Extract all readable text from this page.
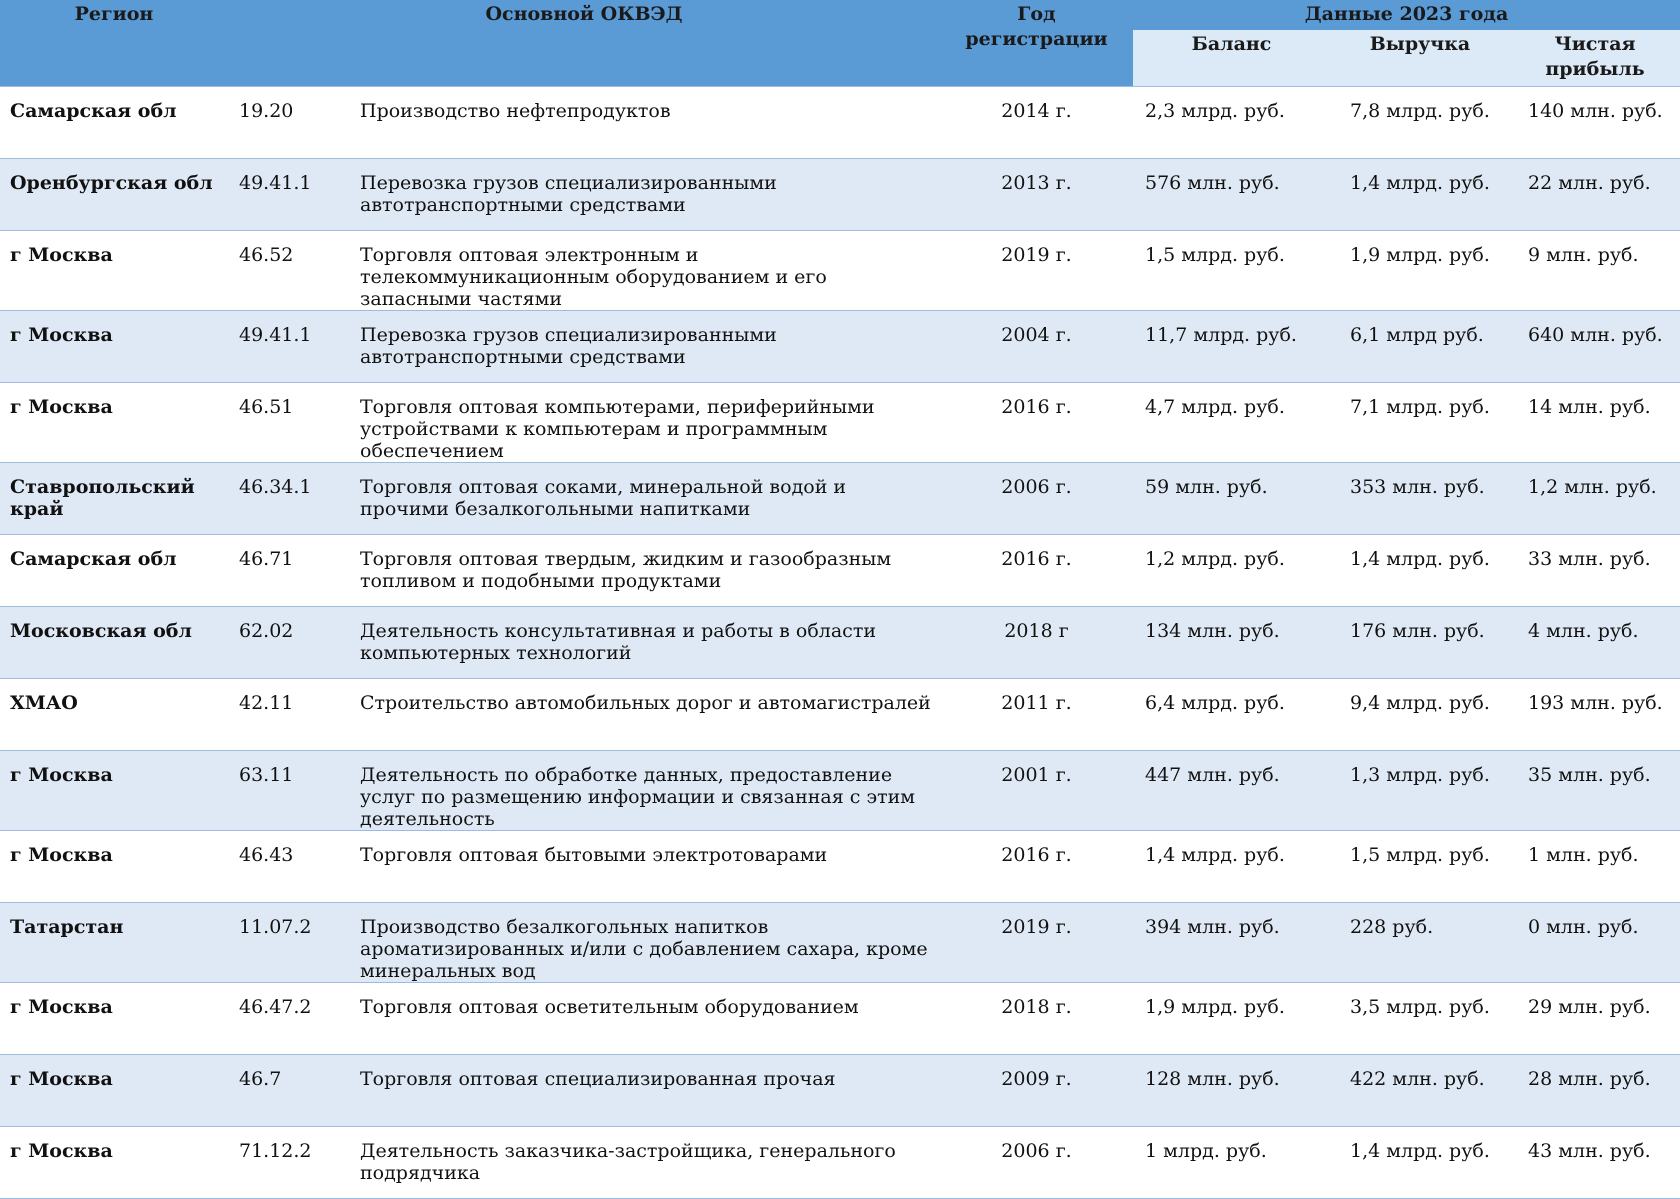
Регион	Основной ОКВЭД		Год регистрации	Данные 2023 года		
				Баланс	Выручка	Чистая прибыль
Самарская обл	19.20	Производство нефтепродуктов	2014 г.	2,3 млрд. руб.	7,8 млрд. руб.	140 млн. руб.
Оренбургская обл	49.41.1	Перевозка грузов специализированными автотранспортными средствами	2013 г.	576 млн. руб.	1,4 млрд. руб.	22 млн. руб.
г Москва	46.52	Торговля оптовая электронным и телекоммуникационным оборудованием и его запасными частями	2019 г.	1,5 млрд. руб.	1,9 млрд. руб.	9 млн. руб.
г Москва	49.41.1	Перевозка грузов специализированными автотранспортными средствами	2004 г.	11,7 млрд. руб.	6,1 млрд руб.	640 млн. руб.
г Москва	46.51	Торговля оптовая компьютерами, периферийными устройствами к компьютерам и программным обеспечением	2016 г.	4,7 млрд. руб.	7,1 млрд. руб.	14 млн. руб.
Ставропольский край	46.34.1	Торговля оптовая соками, минеральной водой и прочими безалкогольными напитками	2006 г.	59 млн. руб.	353 млн. руб.	1,2 млн. руб.
Самарская обл	46.71	Торговля оптовая твердым, жидким и газообразным топливом и подобными продуктами	2016 г.	1,2 млрд. руб.	1,4 млрд. руб.	33 млн. руб.
Московская обл	62.02	Деятельность консультативная и работы в области компьютерных технологий	2018 г	134 млн. руб.	176 млн. руб.	4 млн. руб.
ХМАО	42.11	Строительство автомобильных дорог и автомагистралей	2011 г.	6,4 млрд. руб.	9,4 млрд. руб.	193 млн. руб.
г Москва	63.11	Деятельность по обработке данных, предоставление услуг по размещению информации и связанная с этим деятельность	2001 г.	447 млн. руб.	1,3 млрд. руб.	35 млн. руб.
г Москва	46.43	Торговля оптовая бытовыми электротоварами	2016 г.	1,4 млрд. руб.	1,5 млрд. руб.	1 млн. руб.
Татарстан	11.07.2	Производство безалкогольных напитков ароматизированных и/или с добавлением сахара, кроме минеральных вод	2019 г.	394 млн. руб.	228 руб.	0 млн. руб.
г Москва	46.47.2	Торговля оптовая осветительным оборудованием	2018 г.	1,9 млрд. руб.	3,5 млрд. руб.	29 млн. руб.
г Москва	46.7	Торговля оптовая специализированная прочая	2009 г.	128 млн. руб.	422 млн. руб.	28 млн. руб.
г Москва	71.12.2	Деятельность заказчика-застройщика, генерального подрядчика	2006 г.	1 млрд. руб.	1,4 млрд. руб.	43 млн. руб.
